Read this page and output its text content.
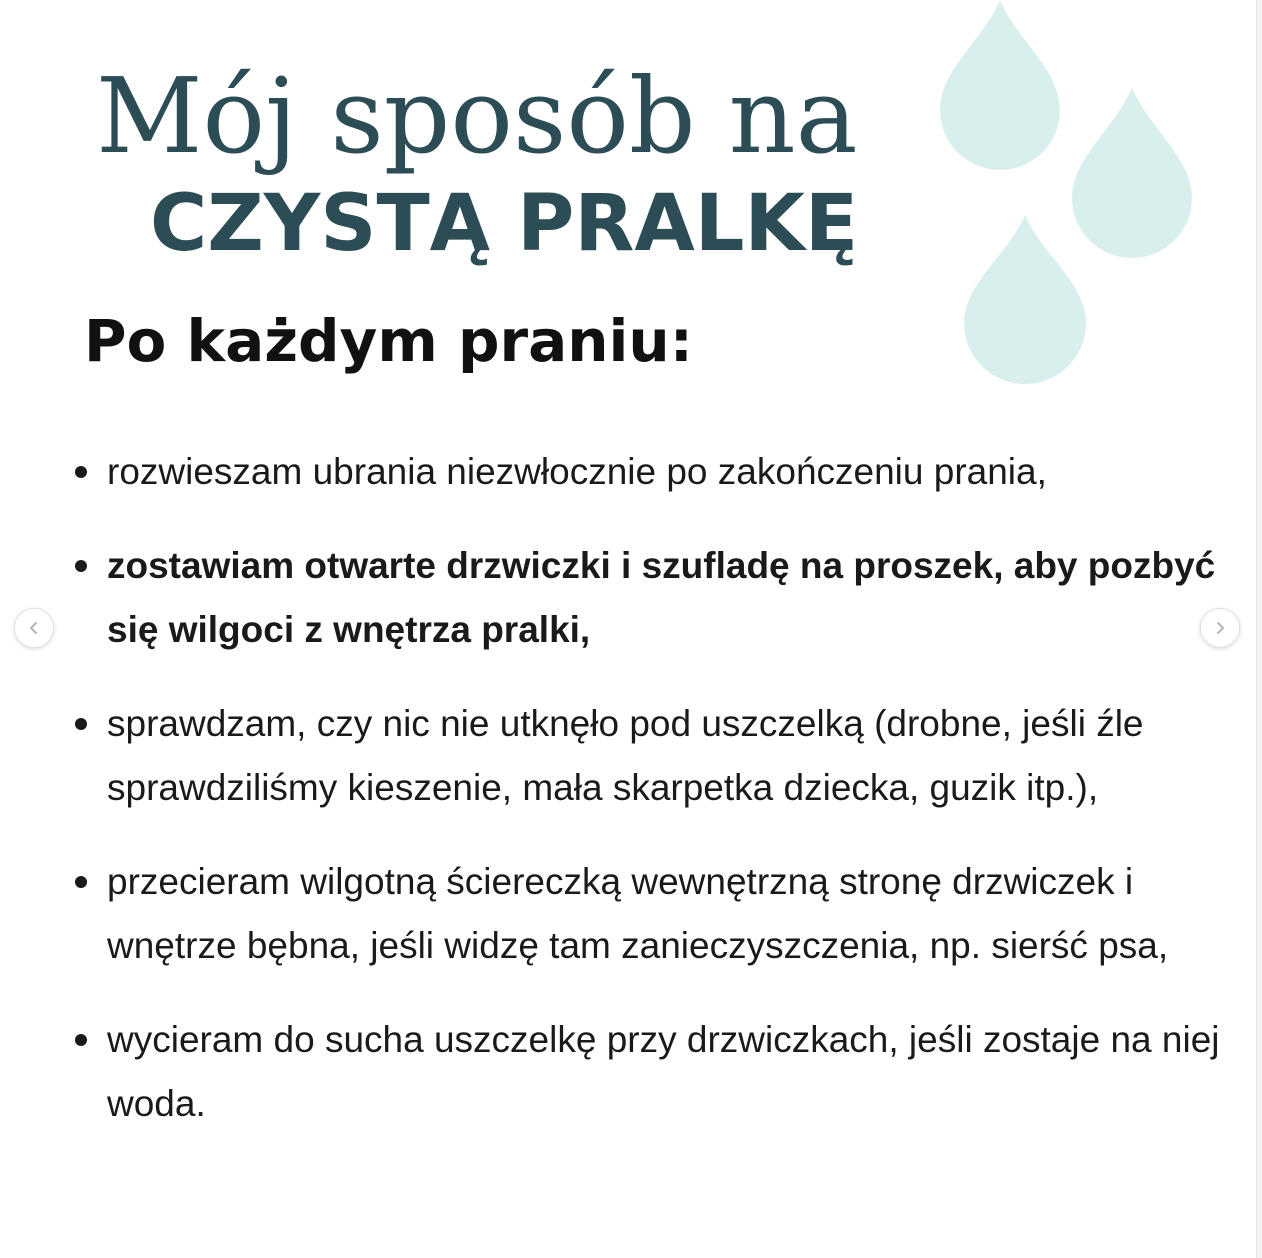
Mój sposób na
CZYSTĄ PRALKĘ
Po każdym praniu:
rozwieszam ubrania niezwłocznie po zakończeniu prania,
zostawiam otwarte drzwiczki i szufladę na proszek, aby pozbyć się wilgoci z wnętrza pralki,
sprawdzam, czy nic nie utknęło pod uszczelką (drobne, jeśli źle sprawdziliśmy kieszenie, mała skarpetka dziecka, guzik itp.),
przecieram wilgotną ściereczką wewnętrzną stronę drzwiczek i wnętrze bębna, jeśli widzę tam zanieczyszczenia, np. sierść psa,
wycieram do sucha uszczelkę przy drzwiczkach, jeśli zostaje na niej woda.
